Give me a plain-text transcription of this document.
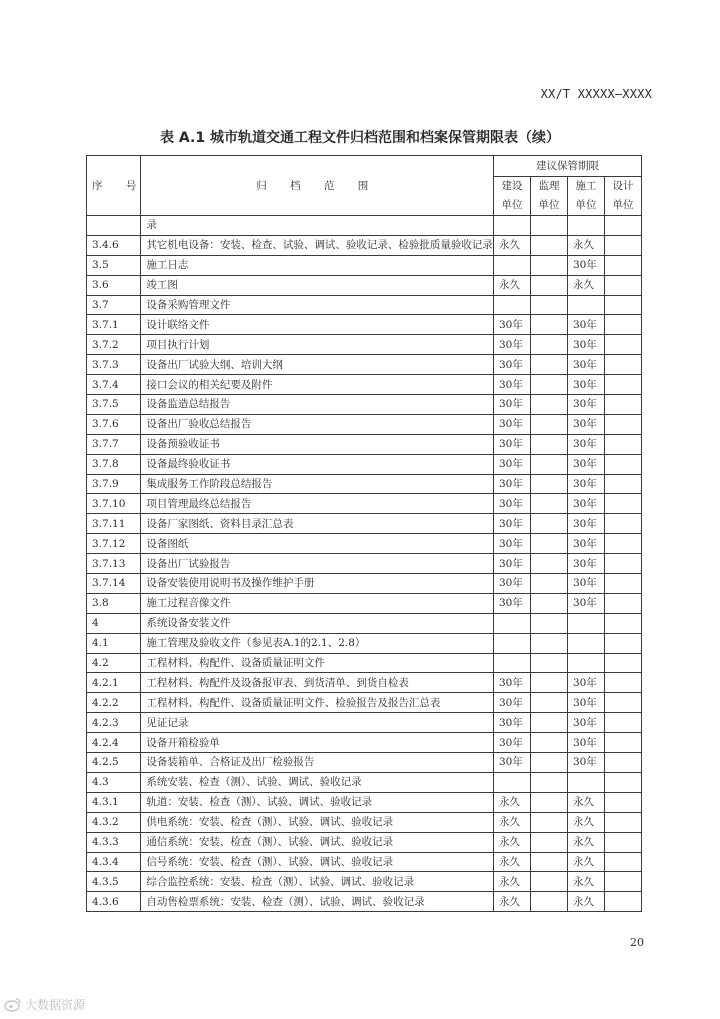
XX/T XXXXX—XXXX
表 A.1 城市轨道交通工程文件归档范围和档案保管期限表（续）
序 号	归 档 范 围	建议保管期限			
		建设单位	监理单位	施工单位	设计单位
	录				
3.4.6	其它机电设备：安装、检查、试验、调试、验收记录、检验批质量验收记录	永久		永久	
3.5	施工日志			30年	
3.6	竣工图	永久		永久	
3.7	设备采购管理文件				
3.7.1	设计联络文件	30年		30年	
3.7.2	项目执行计划	30年		30年	
3.7.3	设备出厂试验大纲、培训大纲	30年		30年	
3.7.4	接口会议的相关纪要及附件	30年		30年	
3.7.5	设备监造总结报告	30年		30年	
3.7.6	设备出厂验收总结报告	30年		30年	
3.7.7	设备预验收证书	30年		30年	
3.7.8	设备最终验收证书	30年		30年	
3.7.9	集成服务工作阶段总结报告	30年		30年	
3.7.10	项目管理最终总结报告	30年		30年	
3.7.11	设备厂家图纸、资料目录汇总表	30年		30年	
3.7.12	设备图纸	30年		30年	
3.7.13	设备出厂试验报告	30年		30年	
3.7.14	设备安装使用说明书及操作维护手册	30年		30年	
3.8	施工过程音像文件	30年		30年	
4	系统设备安装文件				
4.1	施工管理及验收文件（参见表A.1的2.1、2.8）				
4.2	工程材料、构配件、设备质量证明文件				
4.2.1	工程材料、构配件及设备报审表、到货清单、到货自检表	30年		30年	
4.2.2	工程材料、构配件、设备质量证明文件、检验报告及报告汇总表	30年		30年	
4.2.3	见证记录	30年		30年	
4.2.4	设备开箱检验单	30年		30年	
4.2.5	设备装箱单、合格证及出厂检验报告	30年		30年	
4.3	系统安装、检查（测）、试验、调试、验收记录				
4.3.1	轨道：安装、检查（测）、试验、调试、验收记录	永久		永久	
4.3.2	供电系统：安装、检查（测）、试验、调试、验收记录	永久		永久	
4.3.3	通信系统：安装、检查（测）、试验、调试、验收记录	永久		永久	
4.3.4	信号系统：安装、检查（测）、试验、调试、验收记录	永久		永久	
4.3.5	综合监控系统：安装、检查（测）、试验、调试、验收记录	永久		永久	
4.3.6	自动售检票系统：安装、检查（测）、试验、调试、验收记录	永久		永久	
20
大数据资源
